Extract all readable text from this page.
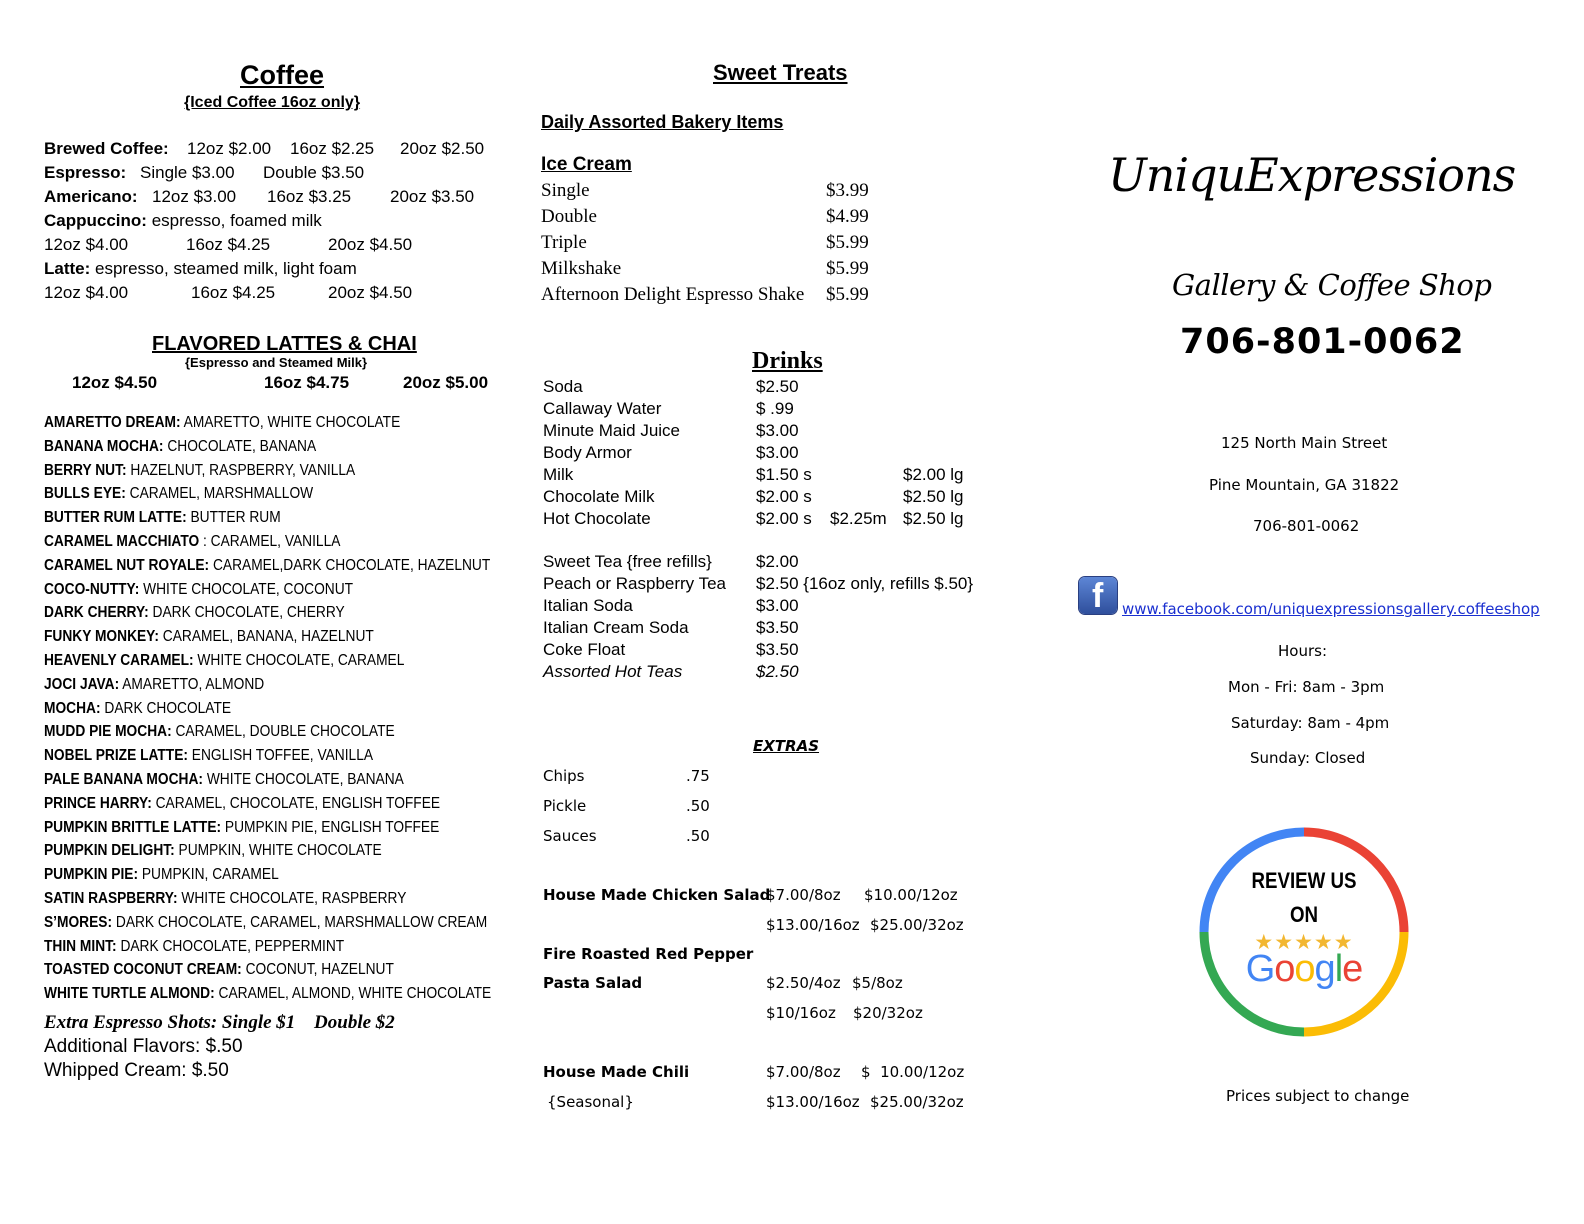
Coffee
{Iced Coffee 16oz only}
Brewed Coffee: 12oz $2.00 16oz $2.25 20oz $2.50
Espresso: Single $3.00 Double $3.50
Americano: 12oz $3.00 16oz $3.25 20oz $3.50
Cappuccino: espresso, foamed milk
12oz $4.00	16oz $4.25	20oz $4.50
Latte: espresso, steamed milk, light foam
12oz $4.00	16oz $4.25	20oz $4.50
FLAVORED LATTES & CHAI
{Espresso and Steamed Milk}
12oz $4.50	16oz $4.75	20oz $5.00
AMARETTO DREAM: AMARETTO, WHITE CHOCOLATE
BANANA MOCHA: CHOCOLATE, BANANA
BERRY NUT: HAZELNUT, RASPBERRY, VANILLA
BULLS EYE: CARAMEL, MARSHMALLOW
BUTTER RUM LATTE: BUTTER RUM
CARAMEL MACCHIATO : CARAMEL, VANILLA
CARAMEL NUT ROYALE: CARAMEL,DARK CHOCOLATE, HAZELNUT
COCO-NUTTY: WHITE CHOCOLATE, COCONUT
DARK CHERRY: DARK CHOCOLATE, CHERRY
FUNKY MONKEY: CARAMEL, BANANA, HAZELNUT
HEAVENLY CARAMEL: WHITE CHOCOLATE, CARAMEL
JOCI JAVA: AMARETTO, ALMOND
MOCHA: DARK CHOCOLATE
MUDD PIE MOCHA: CARAMEL, DOUBLE CHOCOLATE
NOBEL PRIZE LATTE: ENGLISH TOFFEE, VANILLA
PALE BANANA MOCHA: WHITE CHOCOLATE, BANANA
PRINCE HARRY: CARAMEL, CHOCOLATE, ENGLISH TOFFEE
PUMPKIN BRITTLE LATTE: PUMPKIN PIE, ENGLISH TOFFEE
PUMPKIN DELIGHT: PUMPKIN, WHITE CHOCOLATE
PUMPKIN PIE: PUMPKIN, CARAMEL
SATIN RASPBERRY: WHITE CHOCOLATE, RASPBERRY
S’MORES: DARK CHOCOLATE, CARAMEL, MARSHMALLOW CREAM
THIN MINT: DARK CHOCOLATE, PEPPERMINT
TOASTED COCONUT CREAM: COCONUT, HAZELNUT
WHITE TURTLE ALMOND: CARAMEL, ALMOND, WHITE CHOCOLATE
Extra Espresso Shots: Single $1 Double $2
Additional Flavors: $.50
Whipped Cream: $.50
Sweet Treats
Daily Assorted Bakery Items
Ice Cream
Single	$3.99
Double	$4.99
Triple	$5.99
Milkshake	$5.99
Afternoon Delight Espresso Shake $5.99
Drinks
Soda	$2.50
Callaway Water	$ .99
Minute Maid Juice	$3.00
Body Armor	$3.00
Milk	$1.50 s	$2.00 lg
Chocolate Milk	$2.00 s	$2.50 lg
Hot Chocolate	$2.00 s $2.25m $2.50 lg
Sweet Tea {free refills}	$2.00
Peach or Raspberry Tea $2.50 {16oz only, refills $.50}
Italian Soda	$3.00
Italian Cream Soda	$3.50
Coke Float	$3.50
Assorted Hot Teas	$2.50
EXTRAS
Chips	.75
Pickle	.50
Sauces	.50
House Made Chicken Salad
$7.00/8oz $10.00/12oz
$13.00/16oz $25.00/32oz
Fire Roasted Red Pepper
Pasta Salad	$2.50/4oz $5/8oz
$10/16oz $20/32oz
House Made Chili
{Seasonal}
$7.00/8oz $  10.00/12oz
$13.00/16oz $25.00/32oz
UniquExpressions
Gallery & Coffee Shop
706-801-0062
125 North Main Street
Pine Mountain, GA 31822
706-801-0062
f www.facebook.com/uniquexpressionsgallery.coffeeshop
Hours:
Mon - Fri: 8am - 3pm
Saturday: 8am - 4pm
Sunday: Closed
REVIEW US
ON
★★★★★
Google
Prices subject to change
